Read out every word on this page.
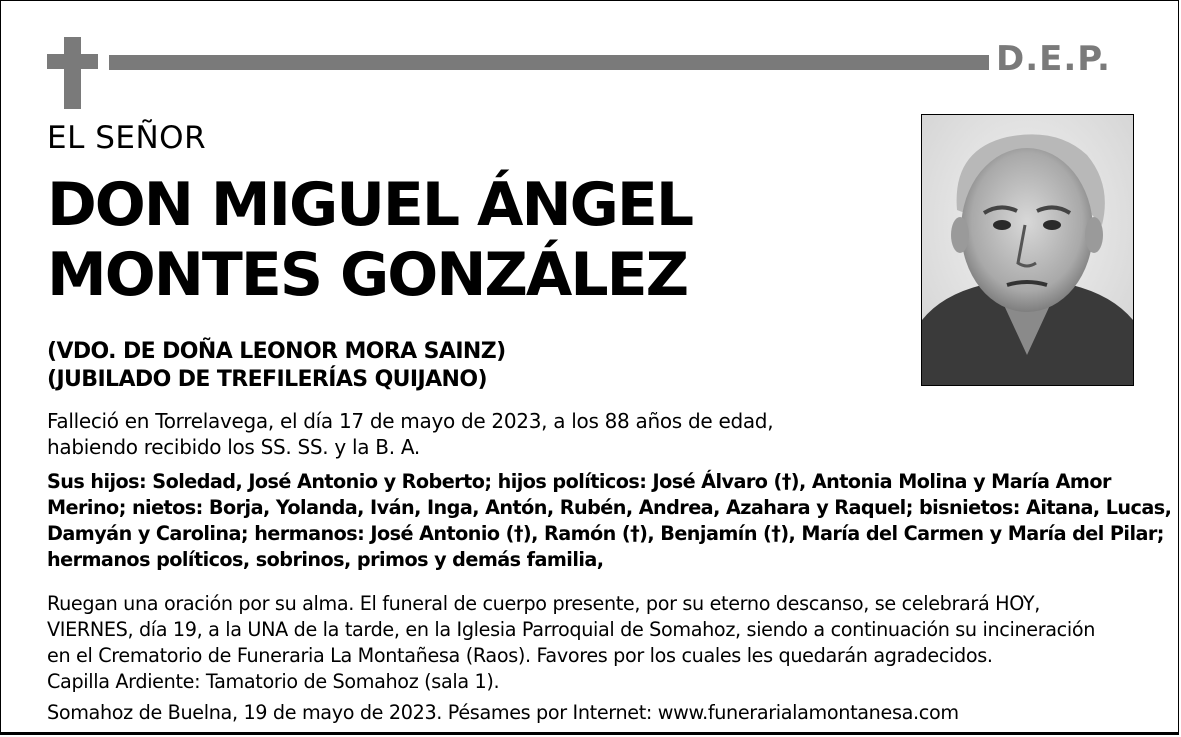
D.E.P.
EL SEÑOR
DON MIGUEL ÁNGEL
MONTES GONZÁLEZ
(VDO. DE DOÑA LEONOR MORA SAINZ)
(JUBILADO DE TREFILERÍAS QUIJANO)
Falleció en Torrelavega, el día 17 de mayo de 2023, a los 88 años de edad,
habiendo recibido los SS. SS. y la B. A.
Sus hijos: Soledad, José Antonio y Roberto; hijos políticos: José Álvaro (†), Antonia Molina y María Amor
Merino; nietos: Borja, Yolanda, Iván, Inga, Antón, Rubén, Andrea, Azahara y Raquel; bisnietos: Aitana, Lucas,
Damyán y Carolina; hermanos: José Antonio (†), Ramón (†), Benjamín (†), María del Carmen y María del Pilar;
hermanos políticos, sobrinos, primos y demás familia,
Ruegan una oración por su alma. El funeral de cuerpo presente, por su eterno descanso, se celebrará HOY,
VIERNES, día 19, a la UNA de la tarde, en la Iglesia Parroquial de Somahoz, siendo a continuación su incineración
en el Crematorio de Funeraria La Montañesa (Raos). Favores por los cuales les quedarán agradecidos.
Capilla Ardiente: Tamatorio de Somahoz (sala 1).
Somahoz de Buelna, 19 de mayo de 2023. Pésames por Internet: www.funerarialamontanesa.com
